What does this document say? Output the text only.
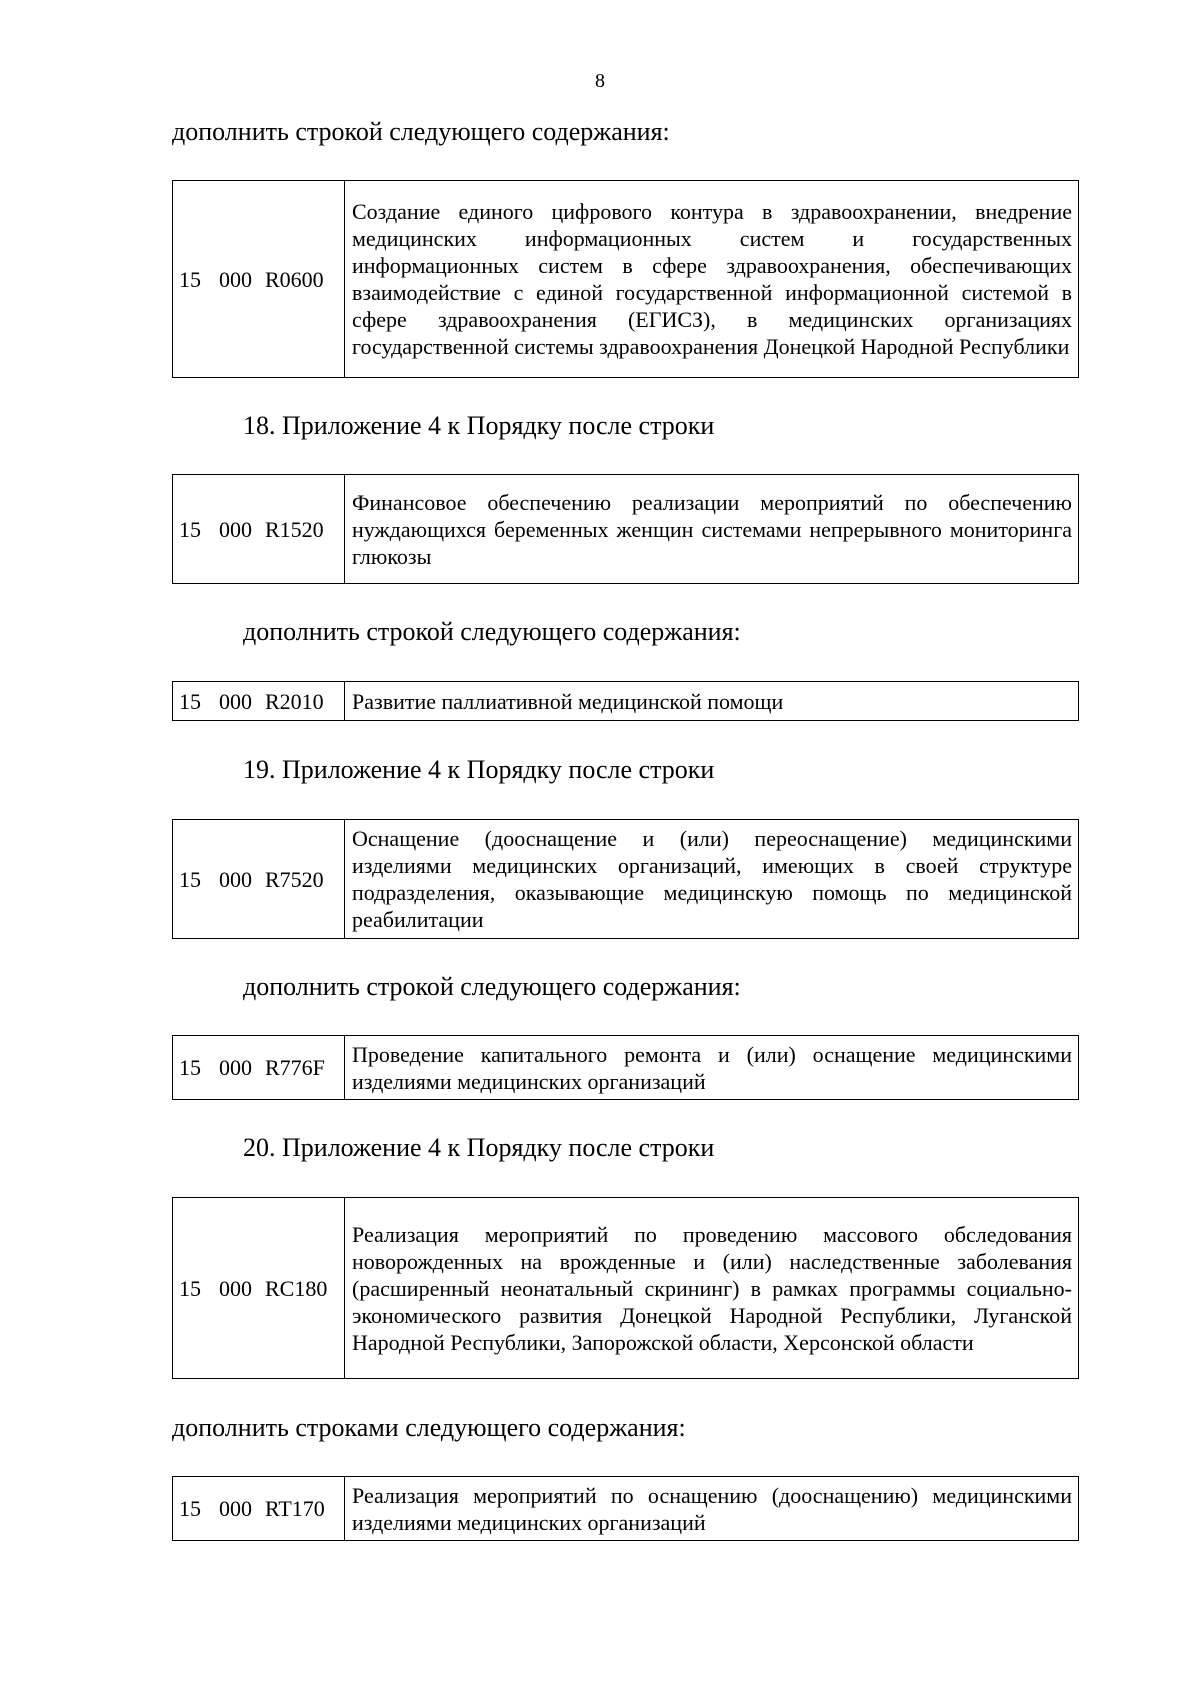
8
дополнить строкой следующего содержания:
15 000 R0600	Создание единого цифрового контура в здравоохранении, внедрение медицинских информационных систем и государственных информационных систем в сфере здравоохранения, обеспечивающих взаимодействие с единой государственной информационной системой в сфере здравоохранения (ЕГИСЗ), в медицинских организациях государственной системы здравоохранения Донецкой Народной Республики
18. Приложение 4 к Порядку после строки
15 000 R1520	Финансовое обеспечению реализации мероприятий по обеспечению нуждающихся беременных женщин системами непрерывного мониторинга глюкозы
дополнить строкой следующего содержания:
15 000 R2010	Развитие паллиативной медицинской помощи
19. Приложение 4 к Порядку после строки
15 000 R7520	Оснащение (дооснащение и (или) переоснащение) медицинскими изделиями медицинских организаций, имеющих в своей структуре подразделения, оказывающие медицинскую помощь по медицинской реабилитации
дополнить строкой следующего содержания:
15 000 R776F	Проведение капитального ремонта и (или) оснащение медицинскими изделиями медицинских организаций
20. Приложение 4 к Порядку после строки
15 000 RC180	Реализация мероприятий по проведению массового обследования новорожденных на врожденные и (или) наследственные заболевания (расширенный неонатальный скрининг) в рамках программы социально-экономического развития Донецкой Народной Республики, Луганской Народной Республики, Запорожской области, Херсонской области
дополнить строками следующего содержания:
15 000 RT170	Реализация мероприятий по оснащению (дооснащению) медицинскими изделиями медицинских организаций
